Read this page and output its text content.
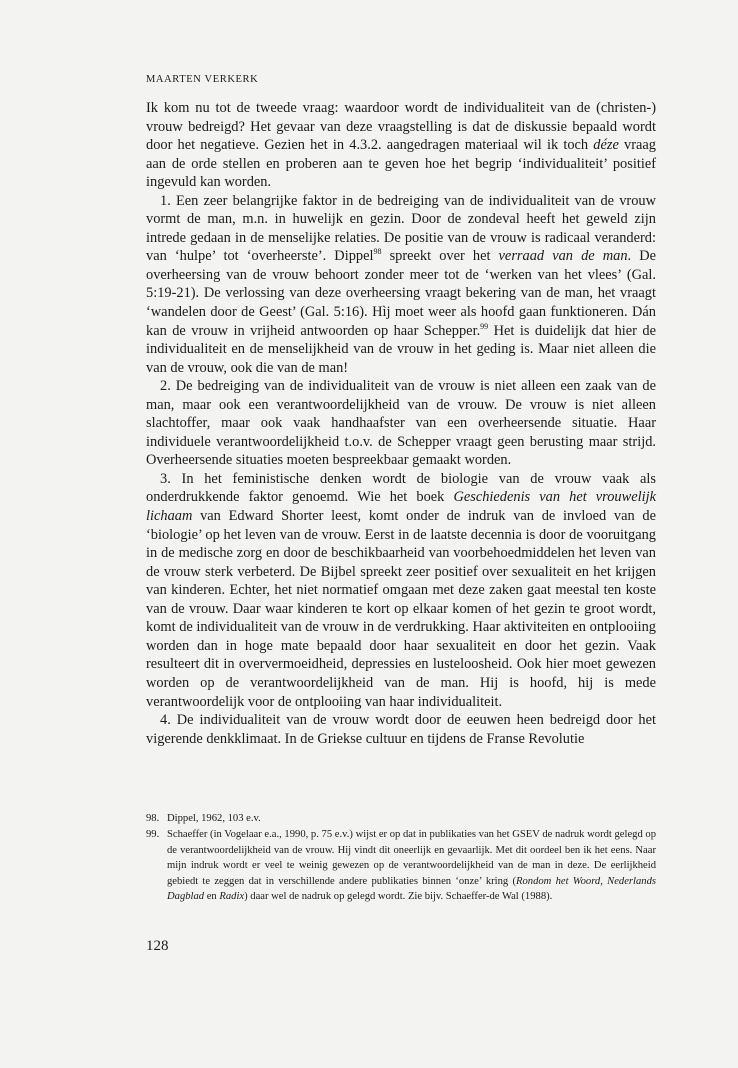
MAARTEN VERKERK

Ik kom nu tot de tweede vraag: waardoor wordt de individualiteit van de (christen-) vrouw bedreigd? Het gevaar van deze vraagstelling is dat de diskussie bepaald wordt door het negatieve. Gezien het in 4.3.2. aangedragen materiaal wil ik toch déze vraag aan de orde stellen en proberen aan te geven hoe het begrip ‘individualiteit’ positief ingevuld kan worden.

1. Een zeer belangrijke faktor in de bedreiging van de individualiteit van de vrouw vormt de man, m.n. in huwelijk en gezin. Door de zondeval heeft het geweld zijn intrede gedaan in de menselijke relaties. De positie van de vrouw is radicaal veranderd: van ‘hulpe’ tot ‘overheerste’. Dippel$^{98}$ spreekt over het verraad van de man. De overheersing van de vrouw behoort zonder meer tot de ‘werken van het vlees’ (Gal. 5:19-21). De verlossing van deze overheersing vraagt bekering van de man, het vraagt ‘wandelen door de Geest’ (Gal. 5:16). Hìj moet weer als hoofd gaan funktioneren. Dán kan de vrouw in vrijheid antwoorden op haar Schepper.$^{99}$ Het is duidelijk dat hier de individualiteit en de menselijkheid van de vrouw in het geding is. Maar niet alleen die van de vrouw, ook die van de man!

2. De bedreiging van de individualiteit van de vrouw is niet alleen een zaak van de man, maar ook een verantwoordelijkheid van de vrouw. De vrouw is niet alleen slachtoffer, maar ook vaak handhaafster van een overheersende situatie. Haar individuele verantwoordelijkheid t.o.v. de Schepper vraagt geen berusting maar strijd. Overheersende situaties moeten bespreekbaar gemaakt worden.

3. In het feministische denken wordt de biologie van de vrouw vaak als onderdrukkende faktor genoemd. Wie het boek Geschiedenis van het vrouwelijk lichaam van Edward Shorter leest, komt onder de indruk van de invloed van de ‘biologie’ op het leven van de vrouw. Eerst in de laatste decennia is door de vooruitgang in de medische zorg en door de beschikbaarheid van voorbehoedmiddelen het leven van de vrouw sterk verbeterd. De Bijbel spreekt zeer positief over sexualiteit en het krijgen van kinderen. Echter, het niet normatief omgaan met deze zaken gaat meestal ten koste van de vrouw. Daar waar kinderen te kort op elkaar komen of het gezin te groot wordt, komt de individualiteit van de vrouw in de verdrukking. Haar aktiviteiten en ontplooiing worden dan in hoge mate bepaald door haar sexualiteit en door het gezin. Vaak resulteert dit in oververmoeidheid, depressies en lusteloosheid. Ook hier moet gewezen worden op de verantwoordelijkheid van de man. Hij is hoofd, hij is mede verantwoordelijk voor de ontplooiing van haar individualiteit.

4. De individualiteit van de vrouw wordt door de eeuwen heen bedreigd door het vigerende denkklimaat. In de Griekse cultuur en tijdens de Franse Revolutie

98. Dippel, 1962, 103 e.v.
99. Schaeffer (in Vogelaar e.a., 1990, p. 75 e.v.) wijst er op dat in publikaties van het GSEV de nadruk wordt gelegd op de verantwoordelijkheid van de vrouw. Hij vindt dit oneerlijk en gevaarlijk. Met dit oordeel ben ik het eens. Naar mijn indruk wordt er veel te weinig gewezen op de verantwoordelijkheid van de man in deze. De eerlijkheid gebiedt te zeggen dat in verschillende andere publikaties binnen ‘onze’ kring (Rondom het Woord, Nederlands Dagblad en Radix) daar wel de nadruk op gelegd wordt. Zie bijv. Schaeffer-de Wal (1988).
128
